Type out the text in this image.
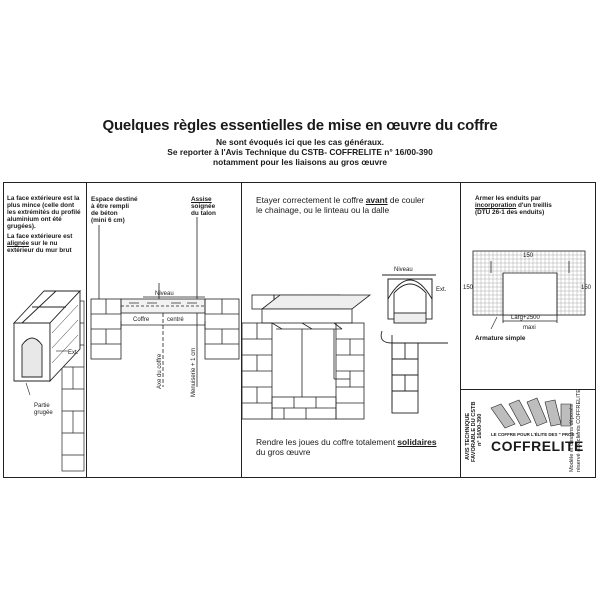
Quelques règles essentielles de mise en œuvre du coffre
Ne sont évoqués ici que les cas généraux.
Se reporter à l'Avis Technique du CSTB- COFFRELITE n° 16/00-390
notamment pour les liaisons au gros œuvre
La face extérieure est la
plus mince (celle dont
les extrémités du profilé
aluminium ont été
grugées).
La face extérieure est
alignée sur le nu
extérieur du mur brut
Ext.
Partie
grugée
Espace destiné
à être rempli
de béton
(mini 6 cm)
Assise
soignée
du talon
Niveau
Coffre	centré
Axe du coffre	Menuiserie + 1 cm
Etayer correctement le coffre avant de couler
le chainage, ou le linteau ou la dalle
Niveau
Ext.
Rendre les joues du coffre totalement solidaires
du gros œuvre
Armer les enduits par
incorporation d'un treillis
(DTU 26-1 des enduits)
150	150
150
Larg+2500
maxi
Armature simple
AVIS TECHNIQUE FAVORABLE DU CSTB n° 16/00-390 LE COFFRE POUR L'ÉLITE DES " PROS "
COFFRELITE
Modèle et dessins déposés réservé aux clients COFFRELITE
